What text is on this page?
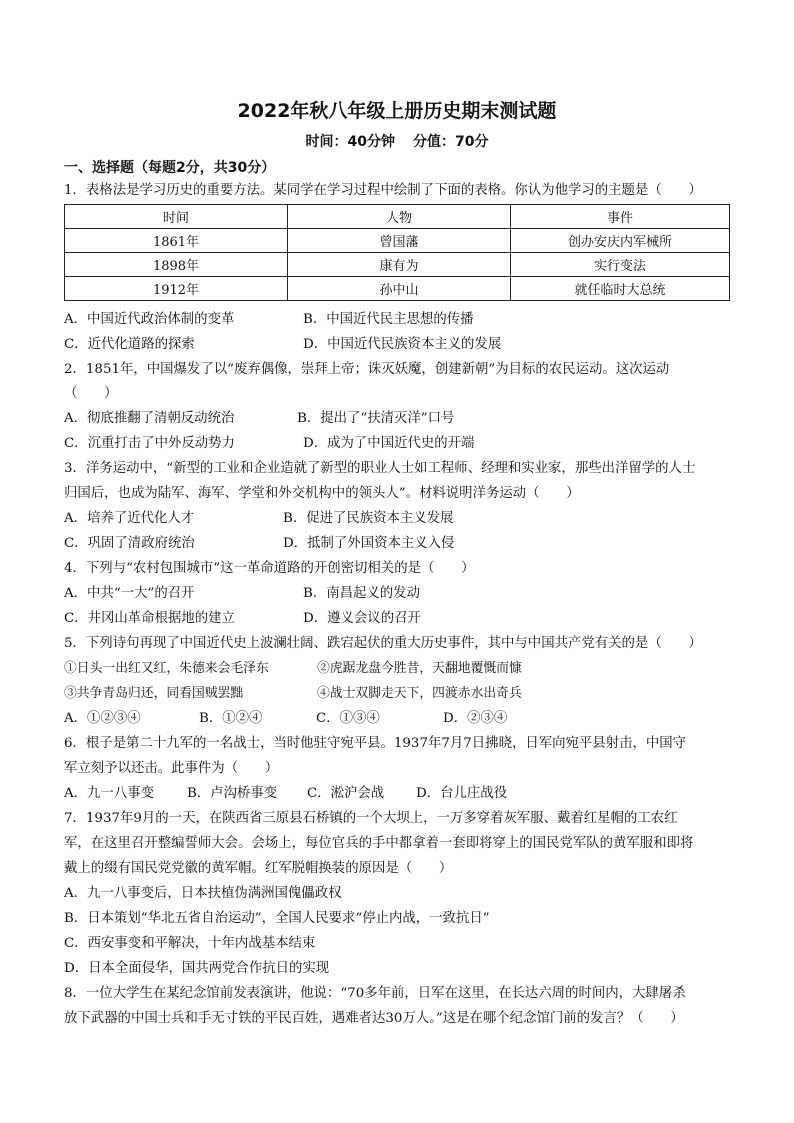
2022年秋八年级上册历史期末测试题
时间：40分钟 分值：70分
一、选择题（每题2分，共30分）
1．表格法是学习历史的重要方法。某同学在学习过程中绘制了下面的表格。你认为他学习的主题是（　　）
时间	人物	事件
1861年	曾国藩	创办安庆内军械所
1898年	康有为	实行变法
1912年	孙中山	就任临时大总统
A．中国近代政治体制的变革	B．中国近代民主思想的传播
C．近代化道路的探索	D．中国近代民族资本主义的发展
2．1851年，中国爆发了以“废弃偶像，崇拜上帝；诛灭妖魔，创建新朝”为目标的农民运动。这次运动
（　　）
A．彻底推翻了清朝反动统治	B．提出了“扶清灭洋”口号
C．沉重打击了中外反动势力	D．成为了中国近代史的开端
3．洋务运动中，“新型的工业和企业造就了新型的职业人士如工程师、经理和实业家，那些出洋留学的人士
归国后，也成为陆军、海军、学堂和外交机构中的领头人”。材料说明洋务运动（　　）
A．培养了近代化人才	B．促进了民族资本主义发展
C．巩固了清政府统治	D．抵制了外国资本主义入侵
4．下列与“农村包围城市”这一革命道路的开创密切相关的是（　　）
A．中共“一大”的召开	B．南昌起义的发动
C．井冈山革命根据地的建立	D．遵义会议的召开
5．下列诗句再现了中国近代史上波澜壮阔、跌宕起伏的重大历史事件，其中与中国共产党有关的是（　　）
①日头一出红又红，朱德来会毛泽东	②虎踞龙盘今胜昔，天翻地覆慨而慷
③共争青岛归还，同看国贼罢黜	④战士双脚走天下，四渡赤水出奇兵
A．①②③④	B．①②④	C．①③④	D．②③④
6．根子是第二十九军的一名战士，当时他驻守宛平县。1937年7月7日拂晓，日军向宛平县射击，中国守
军立刻予以还击。此事件为（　　）
A．九一八事变 B．卢沟桥事变 C．淞沪会战 D．台儿庄战役
7．1937年9月的一天，在陕西省三原县石桥镇的一个大坝上，一万多穿着灰军服、戴着红星帽的工农红
军，在这里召开整编誓师大会。会场上，每位官兵的手中都拿着一套即将穿上的国民党军队的黄军服和即将
戴上的缀有国民党党徽的黄军帽。红军脱帽换装的原因是（　　）
A．九一八事变后，日本扶植伪满洲国傀儡政权
B．日本策划“华北五省自治运动”，全国人民要求“停止内战，一致抗日”
C．西安事变和平解决，十年内战基本结束
D．日本全面侵华，国共两党合作抗日的实现
8．一位大学生在某纪念馆前发表演讲，他说：“70多年前，日军在这里，在长达六周的时间内，大肆屠杀
放下武器的中国士兵和手无寸铁的平民百姓，遇难者达30万人。”这是在哪个纪念馆门前的发言？（　　）
